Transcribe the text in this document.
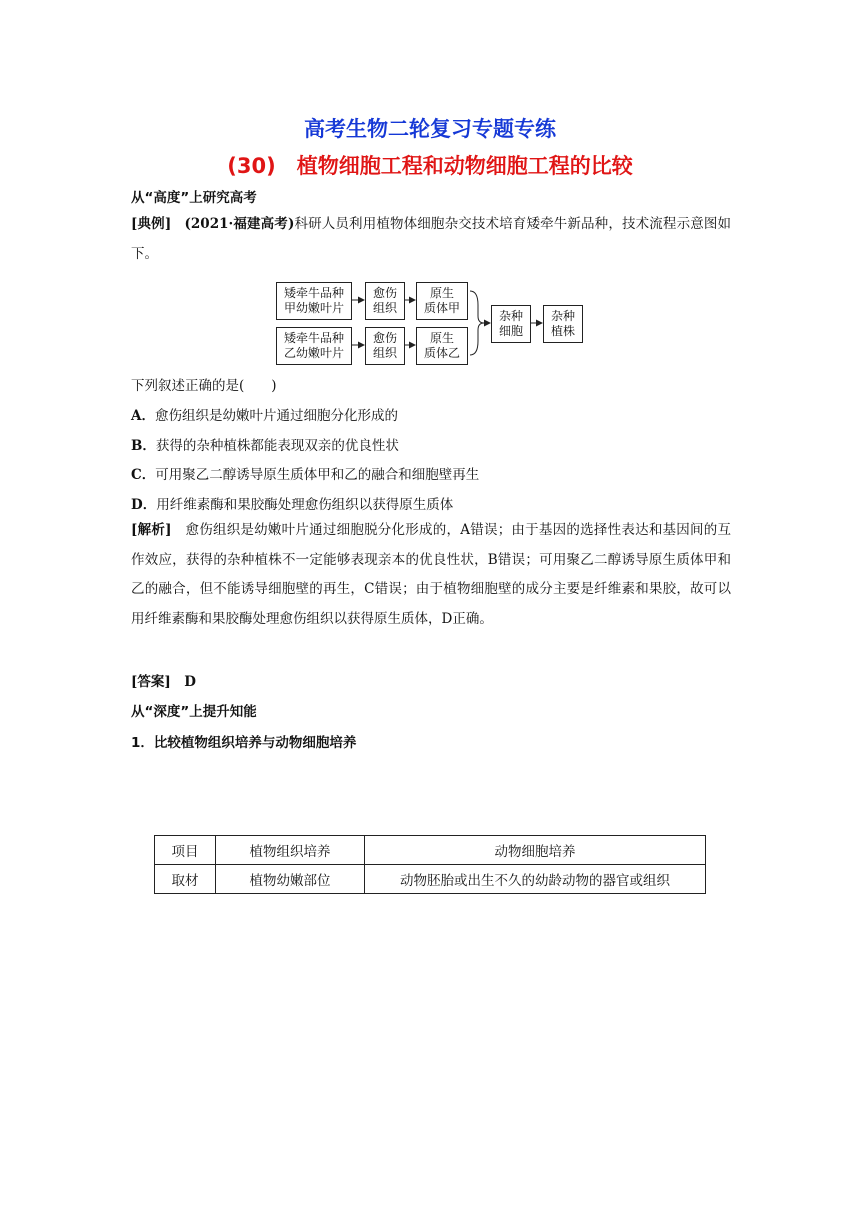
高考生物二轮复习专题专练
(30)　植物细胞工程和动物细胞工程的比较
从“高度”上研究高考
[典例] (2021·福建高考)科研人员利用植物体细胞杂交技术培育矮牵牛新品种，技术流程示意图如下。
矮牵牛品种
甲幼嫩叶片
愈伤
组织
原生
质体甲
矮牵牛品种
乙幼嫩叶片
愈伤
组织
原生
质体乙
杂种
细胞
杂种
植株
下列叙述正确的是(　　)
A．愈伤组织是幼嫩叶片通过细胞分化形成的
B．获得的杂种植株都能表现双亲的优良性状
C．可用聚乙二醇诱导原生质体甲和乙的融合和细胞壁再生
D．用纤维素酶和果胶酶处理愈伤组织以获得原生质体
[解析]　愈伤组织是幼嫩叶片通过细胞脱分化形成的，A错误；由于基因的选择性表达和基因间的互作效应，获得的杂种植株不一定能够表现亲本的优良性状，B错误；可用聚乙二醇诱导原生质体甲和乙的融合，但不能诱导细胞壁的再生，C错误；由于植物细胞壁的成分主要是纤维素和果胶，故可以用纤维素酶和果胶酶处理愈伤组织以获得原生质体，D正确。
[答案]　D
从“深度”上提升知能
1．比较植物组织培养与动物细胞培养
项目	植物组织培养	动物细胞培养
取材	植物幼嫩部位	动物胚胎或出生不久的幼龄动物的器官或组织
